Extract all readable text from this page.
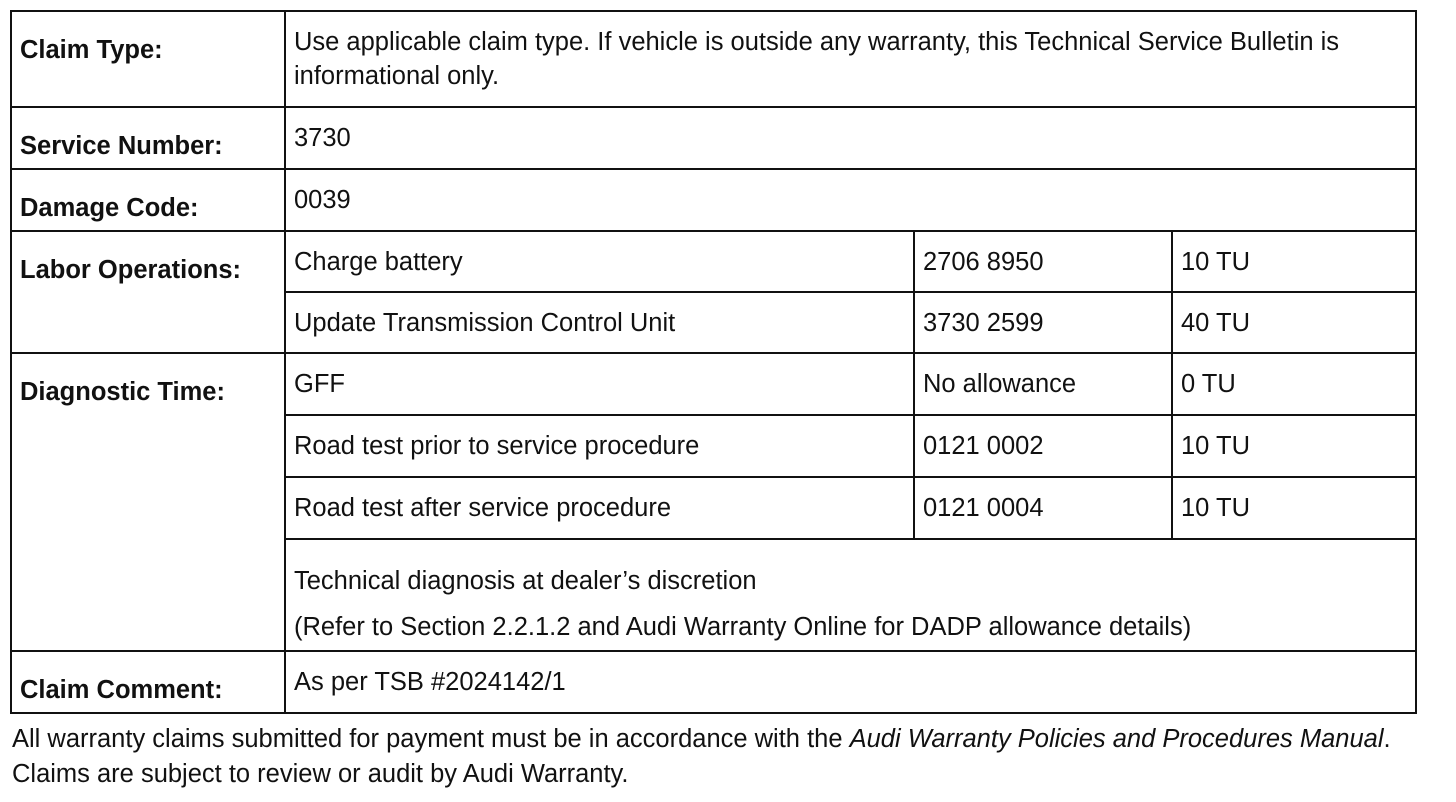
Claim Type:	Use applicable claim type. If vehicle is outside any warranty, this Technical Service Bulletin is informational only.		
Service Number:	3730		
Damage Code:	0039		
Labor Operations:	Charge battery	2706 8950	10 TU
	Update Transmission Control Unit	3730 2599	40 TU
Diagnostic Time:	GFF	No allowance	0 TU
	Road test prior to service procedure	0121 0002	10 TU
	Road test after service procedure	0121 0004	10 TU

	Technical diagnosis at dealer’s discretion
(Refer to Section 2.2.1.2 and Audi Warranty Online for DADP allowance details)		

Claim Comment:	As per TSB #2024142/1		

All warranty claims submitted for payment must be in accordance with the Audi Warranty Policies and Procedures Manual. Claims are subject to review or audit by Audi Warranty.
